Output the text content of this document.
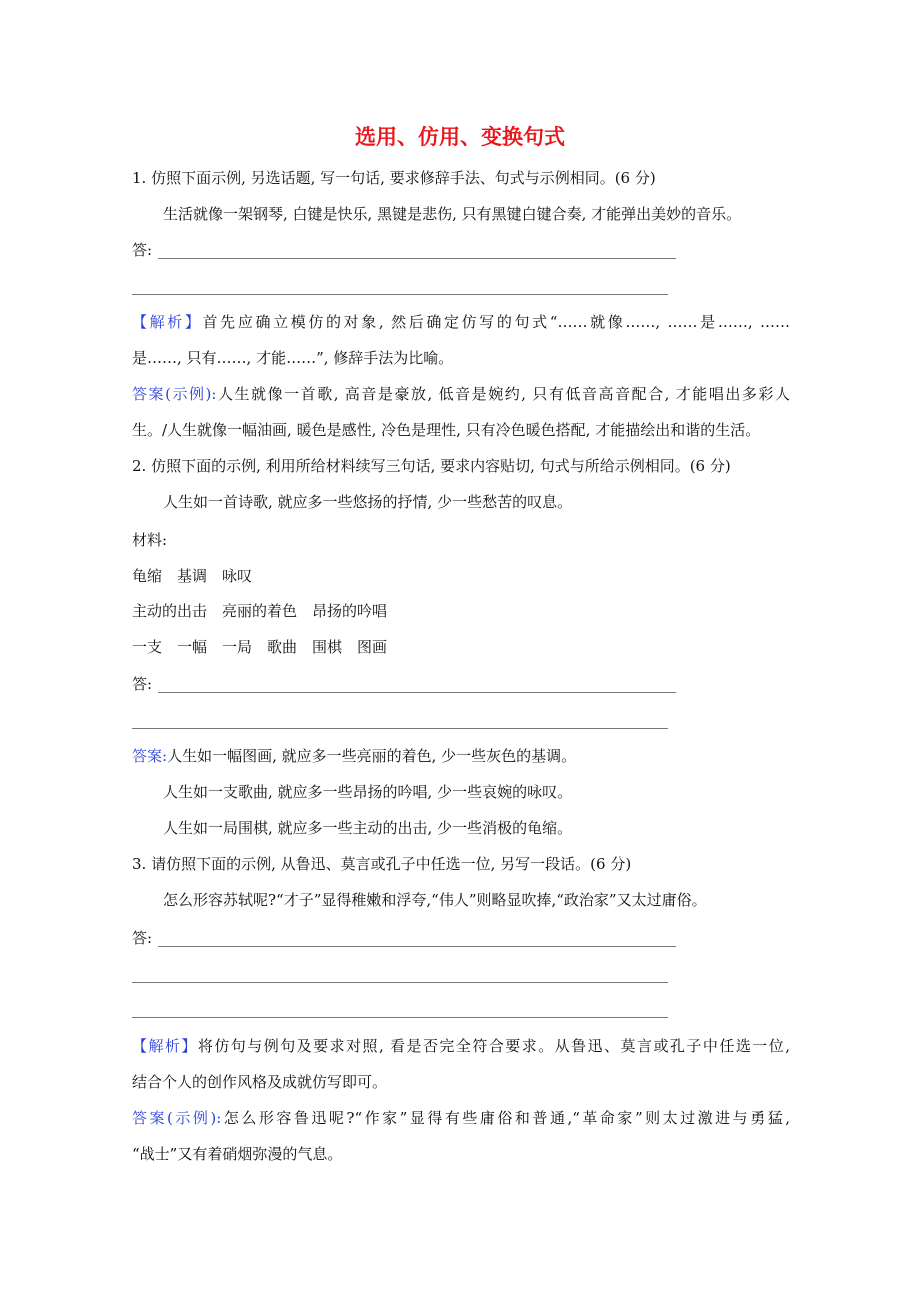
选用、仿用、变换句式
1. 仿照下面示例, 另选话题, 写一句话, 要求修辞手法、句式与示例相同。(6 分)
生活就像一架钢琴, 白键是快乐, 黑键是悲伤, 只有黑键白键合奏, 才能弹出美妙的音乐。
答:
【解析】首先应确立模仿的对象, 然后确定仿写的句式“……就像……, ……是……, ……
是……, 只有……, 才能……”, 修辞手法为比喻。
答案(示例):人生就像一首歌, 高音是豪放, 低音是婉约, 只有低音高音配合, 才能唱出多彩人
生。/人生就像一幅油画, 暖色是感性, 冷色是理性, 只有冷色暖色搭配, 才能描绘出和谐的生活。
2. 仿照下面的示例, 利用所给材料续写三句话, 要求内容贴切, 句式与所给示例相同。(6 分)
人生如一首诗歌, 就应多一些悠扬的抒情, 少一些愁苦的叹息。
材料:
龟缩　基调　咏叹
主动的出击　亮丽的着色　昂扬的吟唱
一支　一幅　一局　歌曲　围棋　图画
答:
答案:人生如一幅图画, 就应多一些亮丽的着色, 少一些灰色的基调。
人生如一支歌曲, 就应多一些昂扬的吟唱, 少一些哀婉的咏叹。
人生如一局围棋, 就应多一些主动的出击, 少一些消极的龟缩。
3. 请仿照下面的示例, 从鲁迅、莫言或孔子中任选一位, 另写一段话。(6 分)
怎么形容苏轼呢?“才子”显得稚嫩和浮夸,“伟人”则略显吹捧,“政治家”又太过庸俗。
答:
【解析】将仿句与例句及要求对照, 看是否完全符合要求。从鲁迅、莫言或孔子中任选一位,
结合个人的创作风格及成就仿写即可。
答案(示例):怎么形容鲁迅呢?“作家”显得有些庸俗和普通,“革命家”则太过激进与勇猛,
“战士”又有着硝烟弥漫的气息。
